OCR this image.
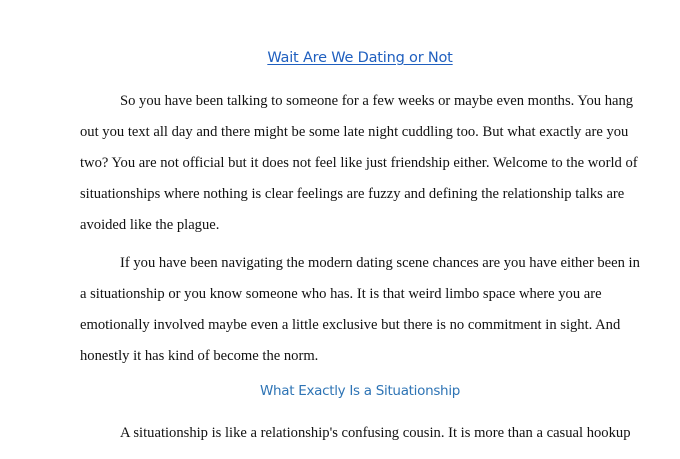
Wait Are We Dating or Not

So you have been talking to someone for a few weeks or maybe even months. You hang
out you text all day and there might be some late night cuddling too. But what exactly are you
two? You are not official but it does not feel like just friendship either. Welcome to the world of
situationships where nothing is clear feelings are fuzzy and defining the relationship talks are
avoided like the plague.

If you have been navigating the modern dating scene chances are you have either been in
a situationship or you know someone who has. It is that weird limbo space where you are
emotionally involved maybe even a little exclusive but there is no commitment in sight. And
honestly it has kind of become the norm.

What Exactly Is a Situationship

A situationship is like a relationship's confusing cousin. It is more than a casual hookup
